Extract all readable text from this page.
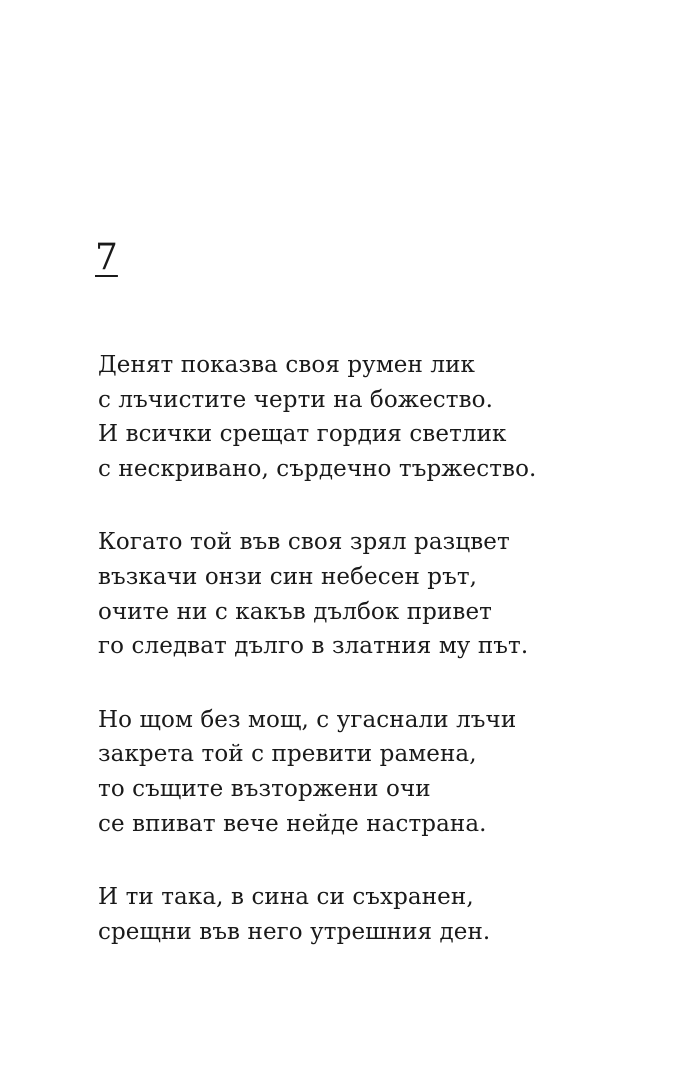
7
Денят показва своя румен лик
с лъчистите черти на божество.
И всички срещат гордия светлик
с нескривано, сърдечно тържество.
Когато той във своя зрял разцвет
възкачи онзи син небесен рът,
очите ни с какъв дълбок привет
го следват дълго в златния му път.
Но щом без мощ, с угаснали лъчи
закрета той с превити рамена,
то същите възторжени очи
се впиват вече нейде настрана.
И ти така, в сина си съхранен,
срещни във него утрешния ден.
